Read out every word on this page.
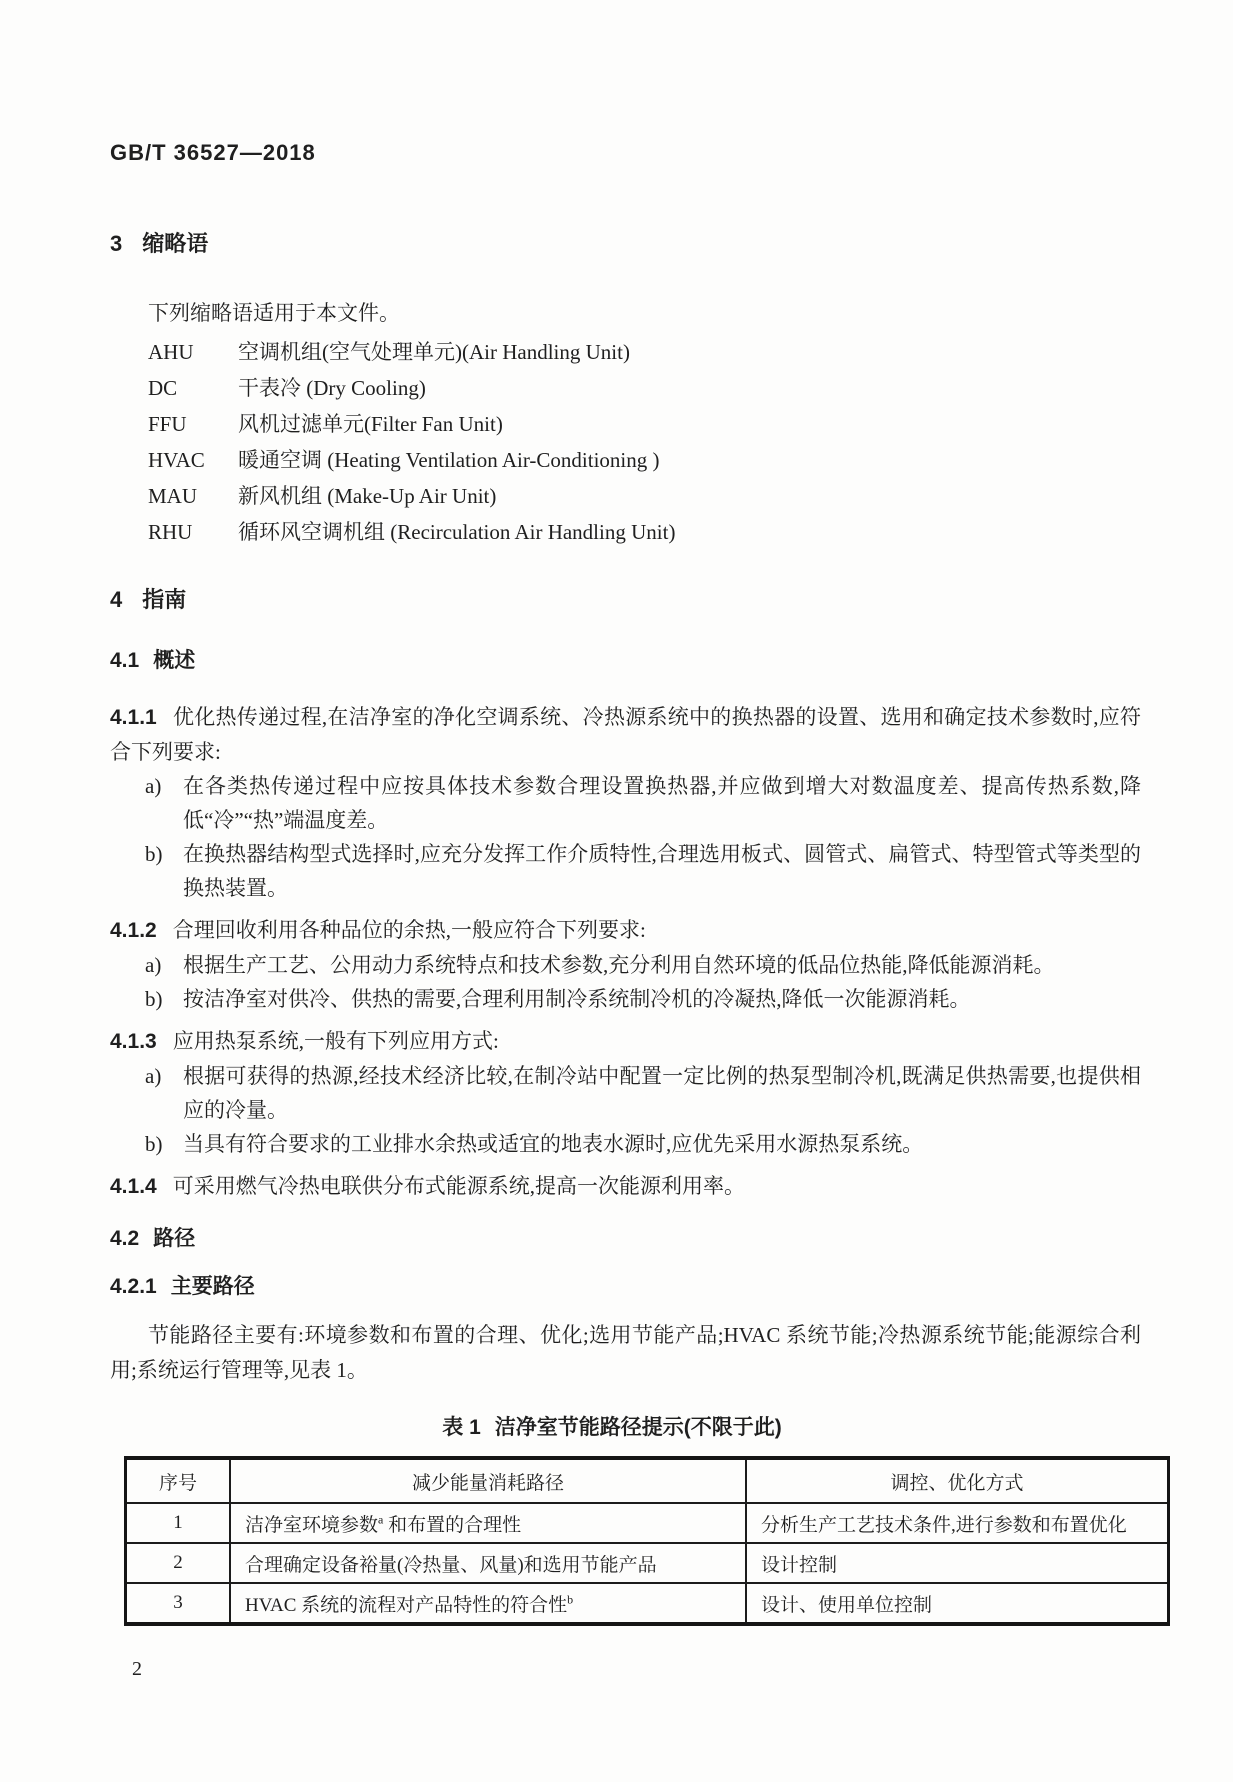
GB/T 36527—2018
3 缩略语

下列缩略语适用于本文件。

AHU 空调机组(空气处理单元)(Air Handling Unit)
DC	干表冷 (Dry Cooling)
FFU 风机过滤单元(Filter Fan Unit)
HVAC 暖通空调 (Heating Ventilation Air-Conditioning )
MAU 新风机组 (Make-Up Air Unit)
RHU 循环风空调机组 (Recirculation Air Handling Unit)
4 指南
4.1 概述

4.1.1 优化热传递过程,在洁净室的净化空调系统、冷热源系统中的换热器的设置、选用和确定技术参数时,应符合下列要求:

a) 在各类热传递过程中应按具体技术参数合理设置换热器,并应做到增大对数温度差、提高传热系数,降低“冷”“热”端温度差。
b) 在换热器结构型式选择时,应充分发挥工作介质特性,合理选用板式、圆管式、扁管式、特型管式等类型的换热装置。

4.1.2 合理回收利用各种品位的余热,一般应符合下列要求:

a) 根据生产工艺、公用动力系统特点和技术参数,充分利用自然环境的低品位热能,降低能源消耗。
b) 按洁净室对供冷、供热的需要,合理利用制冷系统制冷机的冷凝热,降低一次能源消耗。

4.1.3 应用热泵系统,一般有下列应用方式:

a) 根据可获得的热源,经技术经济比较,在制冷站中配置一定比例的热泵型制冷机,既满足供热需要,也提供相应的冷量。
b) 当具有符合要求的工业排水余热或适宜的地表水源时,应优先采用水源热泵系统。

4.1.4 可采用燃气冷热电联供分布式能源系统,提高一次能源利用率。

4.2 路径
4.2.1 主要路径

节能路径主要有:环境参数和布置的合理、优化;选用节能产品;HVAC 系统节能;冷热源系统节能;能源综合利用;系统运行管理等,见表 1。

表 1 洁净室节能路径提示(不限于此)
序号	减少能量消耗路径	调控、优化方式
1	洁净室环境参数$^a$ 和布置的合理性	分析生产工艺技术条件,进行参数和布置优化
2	合理确定设备裕量(冷热量、风量)和选用节能产品	设计控制
3	HVAC 系统的流程对产品特性的符合性$^b$	设计、使用单位控制
2
